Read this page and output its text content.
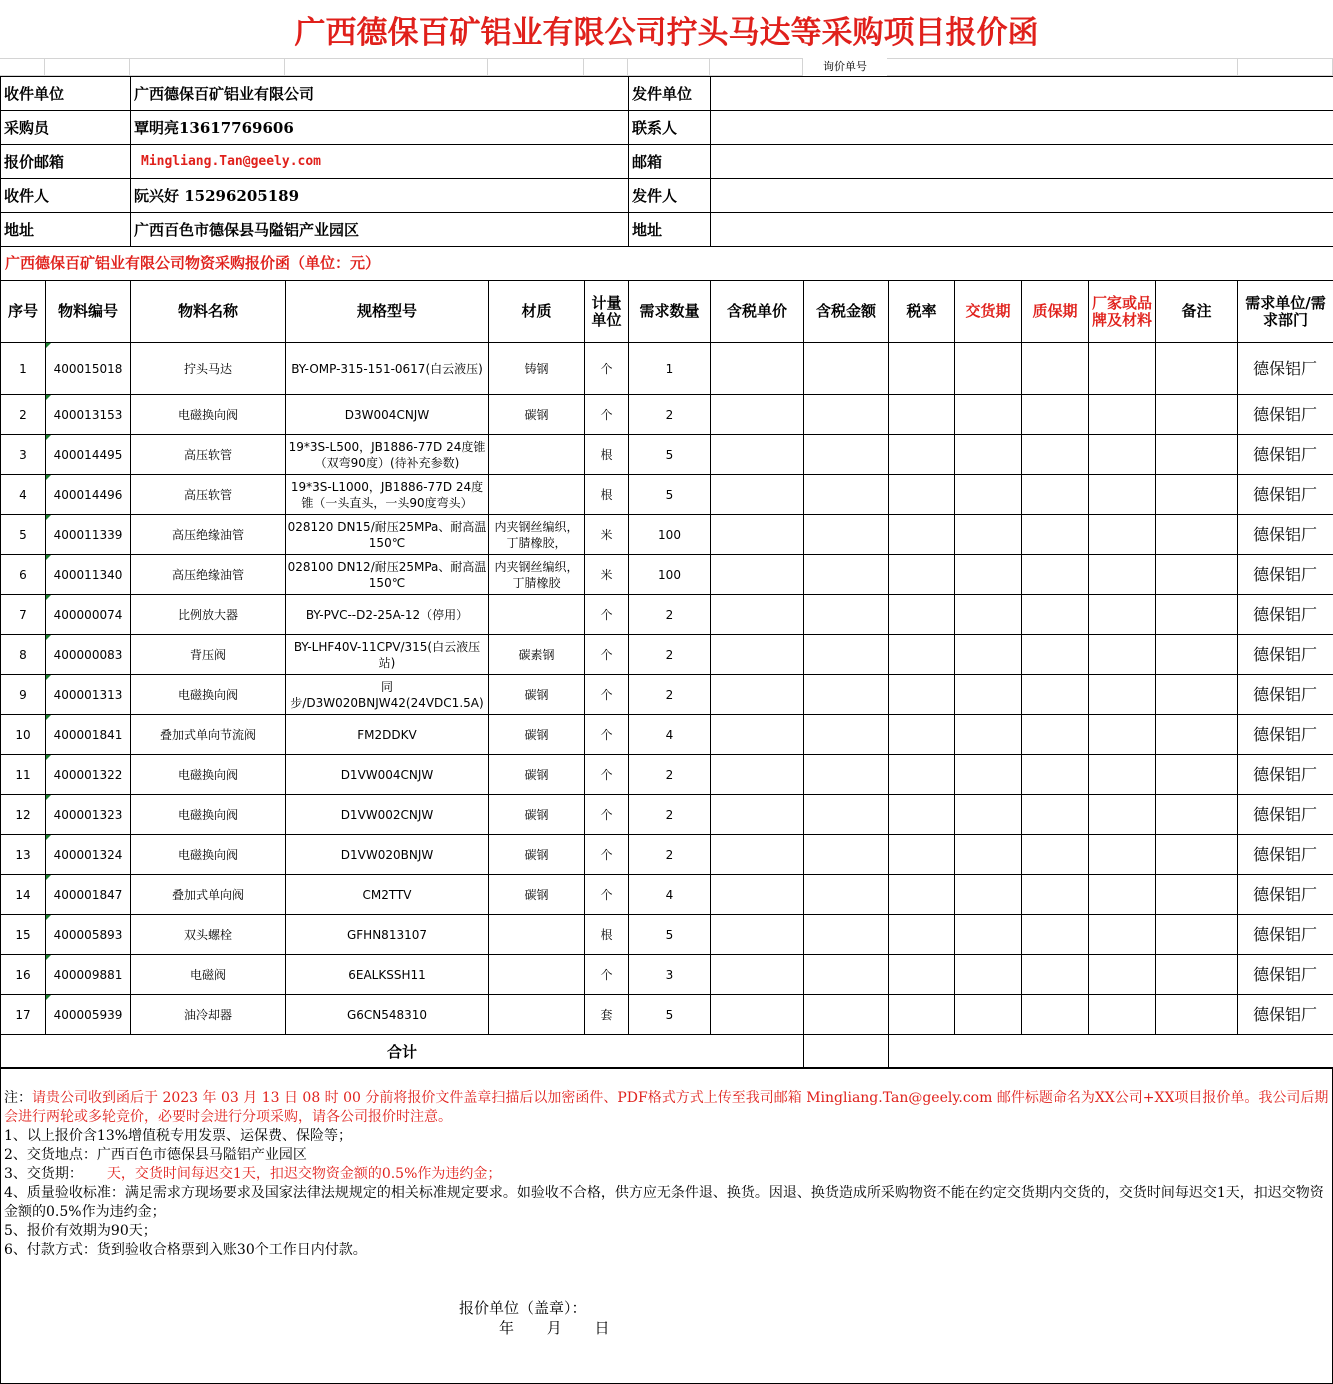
广西德保百矿铝业有限公司拧头马达等采购项目报价函
询价单号
收件单位	广西德保百矿铝业有限公司	发件单位	
采购员	覃明亮13617769606	联系人	
报价邮箱	Mingliang.Tan@geely.com	邮箱	
收件人	阮兴好 15296205189	发件人	
地址	广西百色市德保县马隘铝产业园区	地址	
广西德保百矿铝业有限公司物资采购报价函（单位：元）
序号	物料编号	物料名称	规格型号	材质	计量单位	需求数量	含税单价	含税金额	税率	交货期	质保期	厂家或品牌及材料	备注	需求单位/需求部门
1	400015018	拧头马达	BY-OMP-315-151-0617(白云液压)	铸钢	个	1								德保铝厂
2	400013153	电磁换向阀	D3W004CNJW	碳钢	个	2								德保铝厂
3	400014495	高压软管	19*3S-L500，JB1886-77D 24度锥（双弯90度）(待补充参数)		根	5								德保铝厂
4	400014496	高压软管	19*3S-L1000，JB1886-77D 24度锥（一头直头，一头90度弯头）		根	5								德保铝厂
5	400011339	高压绝缘油管	028120 DN15/耐压25MPa、耐高温150℃	内夹钢丝编织，丁腈橡胶，	米	100								德保铝厂
6	400011340	高压绝缘油管	028100 DN12/耐压25MPa、耐高温150℃	内夹钢丝编织，丁腈橡胶	米	100								德保铝厂
7	400000074	比例放大器	BY-PVC--D2-25A-12（停用）		个	2								德保铝厂
8	400000083	背压阀	BY-LHF40V-11CPV/315(白云液压站)	碳素钢	个	2								德保铝厂
9	400001313	电磁换向阀	同步/D3W020BNJW42(24VDC1.5A)	碳钢	个	2								德保铝厂
10	400001841	叠加式单向节流阀	FM2DDKV	碳钢	个	4								德保铝厂
11	400001322	电磁换向阀	D1VW004CNJW	碳钢	个	2								德保铝厂
12	400001323	电磁换向阀	D1VW002CNJW	碳钢	个	2								德保铝厂
13	400001324	电磁换向阀	D1VW020BNJW	碳钢	个	2								德保铝厂
14	400001847	叠加式单向阀	CM2TTV	碳钢	个	4								德保铝厂
15	400005893	双头螺栓	GFHN813107		根	5								德保铝厂
16	400009881	电磁阀	6EALKSSH11		个	3								德保铝厂
17	400005939	油冷却器	G6CN548310		套	5								德保铝厂
合计														
注：请贵公司收到函后于 2023 年 03 月 13 日 08 时 00 分前将报价文件盖章扫描后以加密函件、PDF格式方式上传至我司邮箱 Mingliang.Tan@geely.com 邮件标题命名为XX公司+XX项目报价单。我公司后期会进行两轮或多轮竞价，必要时会进行分项采购，请各公司报价时注意。
1、以上报价含13%增值税专用发票、运保费、保险等；
2、交货地点：广西百色市德保县马隘铝产业园区
3、交货期： 天，交货时间每迟交1天，扣迟交物资金额的0.5%作为违约金；
4、质量验收标准：满足需求方现场要求及国家法律法规规定的相关标准规定要求。如验收不合格，供方应无条件退、换货。因退、换货造成所采购物资不能在约定交货期内交货的，交货时间每迟交1天，扣迟交物资金额的0.5%作为违约金；
5、报价有效期为90天；
6、付款方式：货到验收合格票到入账30个工作日内付款。
报价单位（盖章）：
年 月 日
